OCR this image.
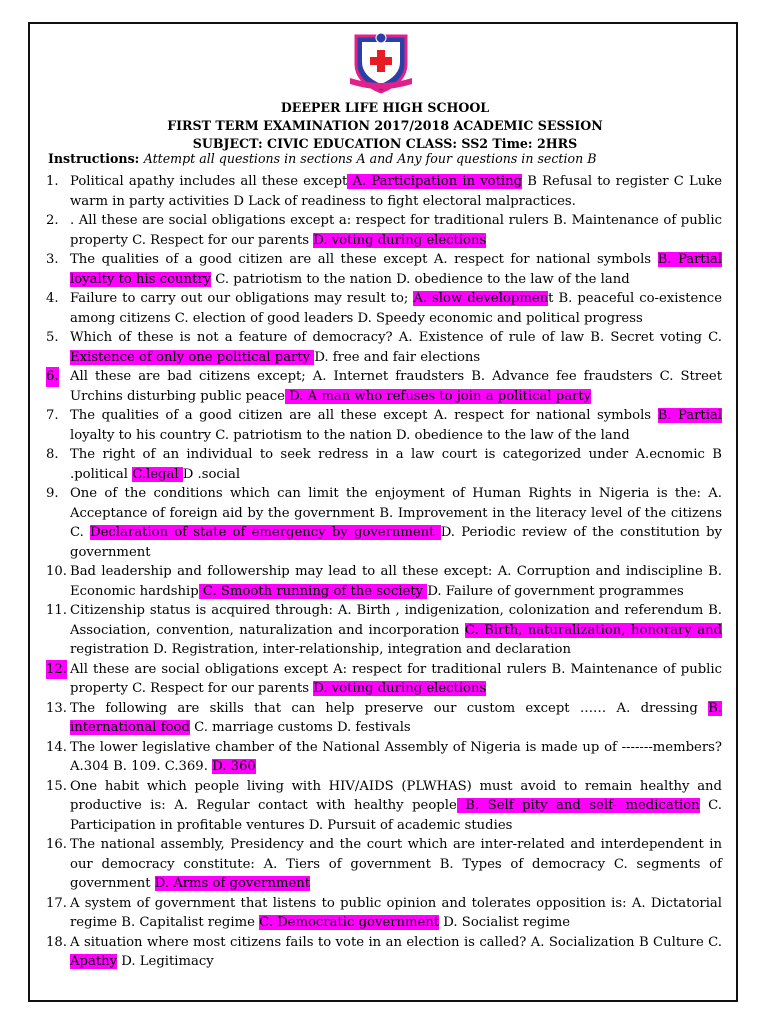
DEEPER LIFE HIGH SCHOOL
FIRST TERM EXAMINATION 2017/2018 ACADEMIC SESSION
SUBJECT: CIVIC EDUCATION CLASS: SS2 Time: 2HRS
Instructions: Attempt all questions in sections A and Any four questions in section B
1. Political apathy includes all these except A. Participation in voting B Refusal to register C Luke warm in party activities D Lack of readiness to fight electoral malpractices.
2. . All these are social obligations except a: respect for traditional rulers B. Maintenance of public property C. Respect for our parents D. voting during elections
3. The qualities of a good citizen are all these except A. respect for national symbols B. Partial loyalty to his country C. patriotism to the nation D. obedience to the law of the land
4. Failure to carry out our obligations may result to; A. slow development B. peaceful co-existence among citizens C. election of good leaders D. Speedy economic and political progress
5. Which of these is not a feature of democracy? A. Existence of rule of law B. Secret voting C. Existence of only one political party D. free and fair elections
6. All these are bad citizens except; A. Internet fraudsters B. Advance fee fraudsters C. Street Urchins disturbing public peace D. A man who refuses to join a political party
7. The qualities of a good citizen are all these except A. respect for national symbols B. Partial loyalty to his country C. patriotism to the nation D. obedience to the law of the land
8. The right of an individual to seek redress in a law court is categorized under A.ecnomic B .political C.legal D .social
9. One of the conditions which can limit the enjoyment of Human Rights in Nigeria is the: A. Acceptance of foreign aid by the government B. Improvement in the literacy level of the citizens C. Declaration of state of emergency by government D. Periodic review of the constitution by government
10. Bad leadership and followership may lead to all these except: A. Corruption and indiscipline B. Economic hardship C. Smooth running of the society D. Failure of government programmes
11. Citizenship status is acquired through: A. Birth , indigenization, colonization and referendum B. Association, convention, naturalization and incorporation C. Birth, naturalization, honorary and registration D. Registration, inter-relationship, integration and declaration
12. All these are social obligations except A: respect for traditional rulers B. Maintenance of public property C. Respect for our parents D. voting during elections
13. The following are skills that can help preserve our custom except …… A. dressing B. international food C. marriage customs D. festivals
14. The lower legislative chamber of the National Assembly of Nigeria is made up of -------members? A.304 B. 109. C.369. D. 360
15. One habit which people living with HIV/AIDS (PLWHAS) must avoid to remain healthy and productive is: A. Regular contact with healthy people B. Self pity and self- medication C. Participation in profitable ventures D. Pursuit of academic studies
16. The national assembly, Presidency and the court which are inter-related and interdependent in our democracy constitute: A. Tiers of government B. Types of democracy C. segments of government D. Arms of government
17. A system of government that listens to public opinion and tolerates opposition is: A. Dictatorial regime B. Capitalist regime C. Democratic government D. Socialist regime
18. A situation where most citizens fails to vote in an election is called? A. Socialization B Culture C. Apathy D. Legitimacy
